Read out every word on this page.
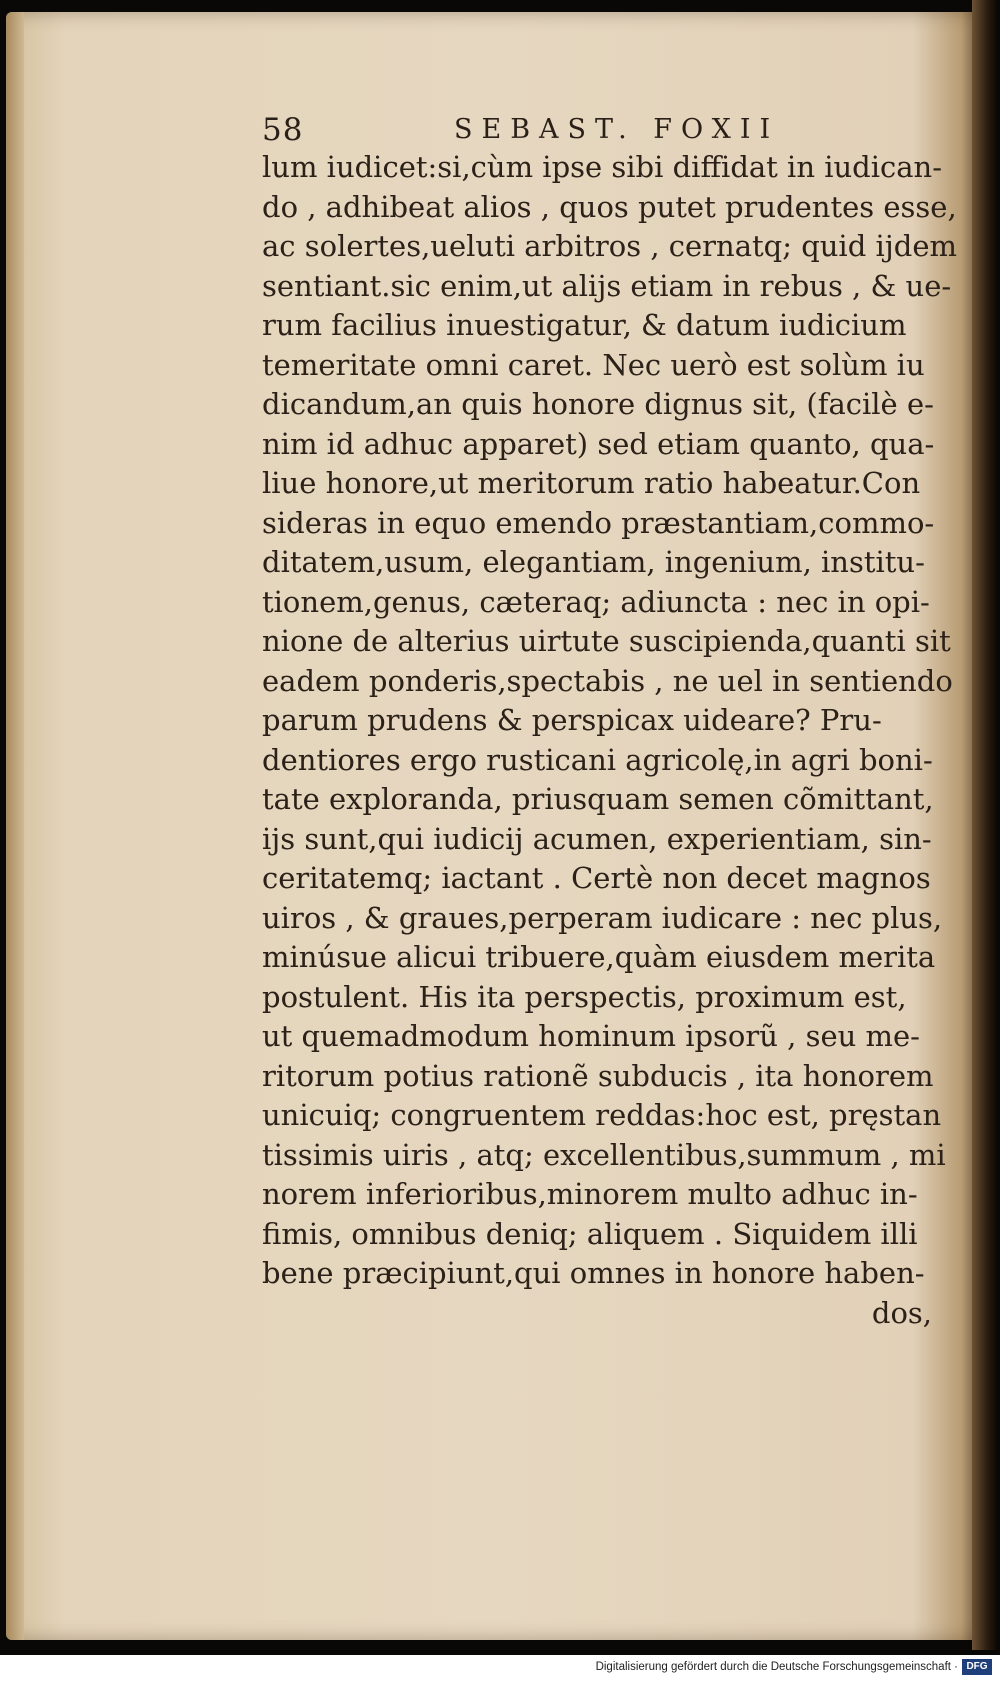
58	SEBAST. FOXII
lum iudicet:si,cùm ipse sibi diffidat in iudican-
do , adhibeat alios , quos putet prudentes esse,
ac solertes,ueluti arbitros , cernatq; quid ijdem
sentiant.sic enim,ut alijs etiam in rebus , & ue-
rum facilius inuestigatur, & datum iudicium
temeritate omni caret. Nec uerò est solùm iu
dicandum,an quis honore dignus sit, (facilè e-
nim id adhuc apparet) sed etiam quanto, qua-
liue honore,ut meritorum ratio habeatur.Con
sideras in equo emendo præstantiam,commo-
ditatem,usum, elegantiam, ingenium, institu-
tionem,genus, cæteraq; adiuncta : nec in opi-
nione de alterius uirtute suscipienda,quanti sit
eadem ponderis,spectabis , ne uel in sentiendo
parum prudens & perspicax uideare? Pru-
dentiores ergo rusticani agricolę,in agri boni-
tate exploranda, priusquam semen cõmittant,
ijs sunt,qui iudicij acumen, experientiam, sin-
ceritatemq; iactant . Certè non decet magnos
uiros , & graues,perperam iudicare : nec plus,
minúsue alicui tribuere,quàm eiusdem merita
postulent. His ita perspectis, proximum est,
ut quemadmodum hominum ipsorũ , seu me-
ritorum potius rationẽ subducis , ita honorem
unicuiq; congruentem reddas:hoc est, pręstan
tissimis uiris , atq; excellentibus,summum , mi
norem inferioribus,minorem multo adhuc in-
fimis, omnibus deniq; aliquem . Siquidem illi
bene præcipiunt,qui omnes in honore haben-
dos,
Digitalisierung gefördert durch die Deutsche Forschungsgemeinschaft · DFG
